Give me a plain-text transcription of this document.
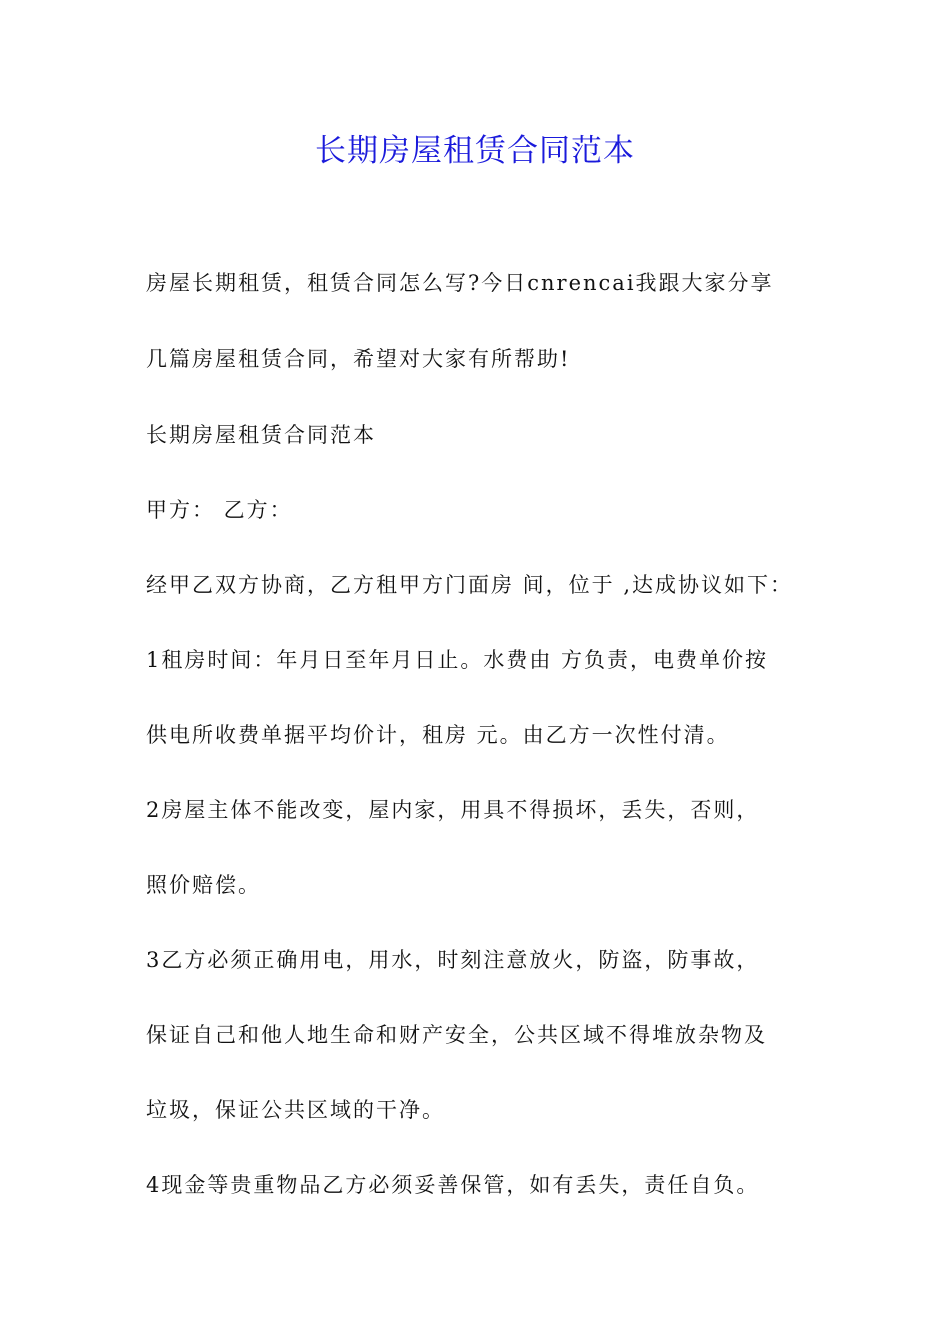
长期房屋租赁合同范本

房屋长期租赁，租赁合同怎么写?今日cnrencai我跟大家分享

几篇房屋租赁合同，希望对大家有所帮助!

长期房屋租赁合同范本

甲方： 乙方：

经甲乙双方协商，乙方租甲方门面房 间，位于 ,达成协议如下：

1租房时间：年月日至年月日止。水费由 方负责，电费单价按

供电所收费单据平均价计，租房 元。由乙方一次性付清。

2房屋主体不能改变，屋内家，用具不得损坏，丢失，否则，

照价赔偿。

3乙方必须正确用电，用水，时刻注意放火，防盗，防事故，

保证自己和他人地生命和财产安全，公共区域不得堆放杂物及

垃圾，保证公共区域的干净。

4现金等贵重物品乙方必须妥善保管，如有丢失，责任自负。
